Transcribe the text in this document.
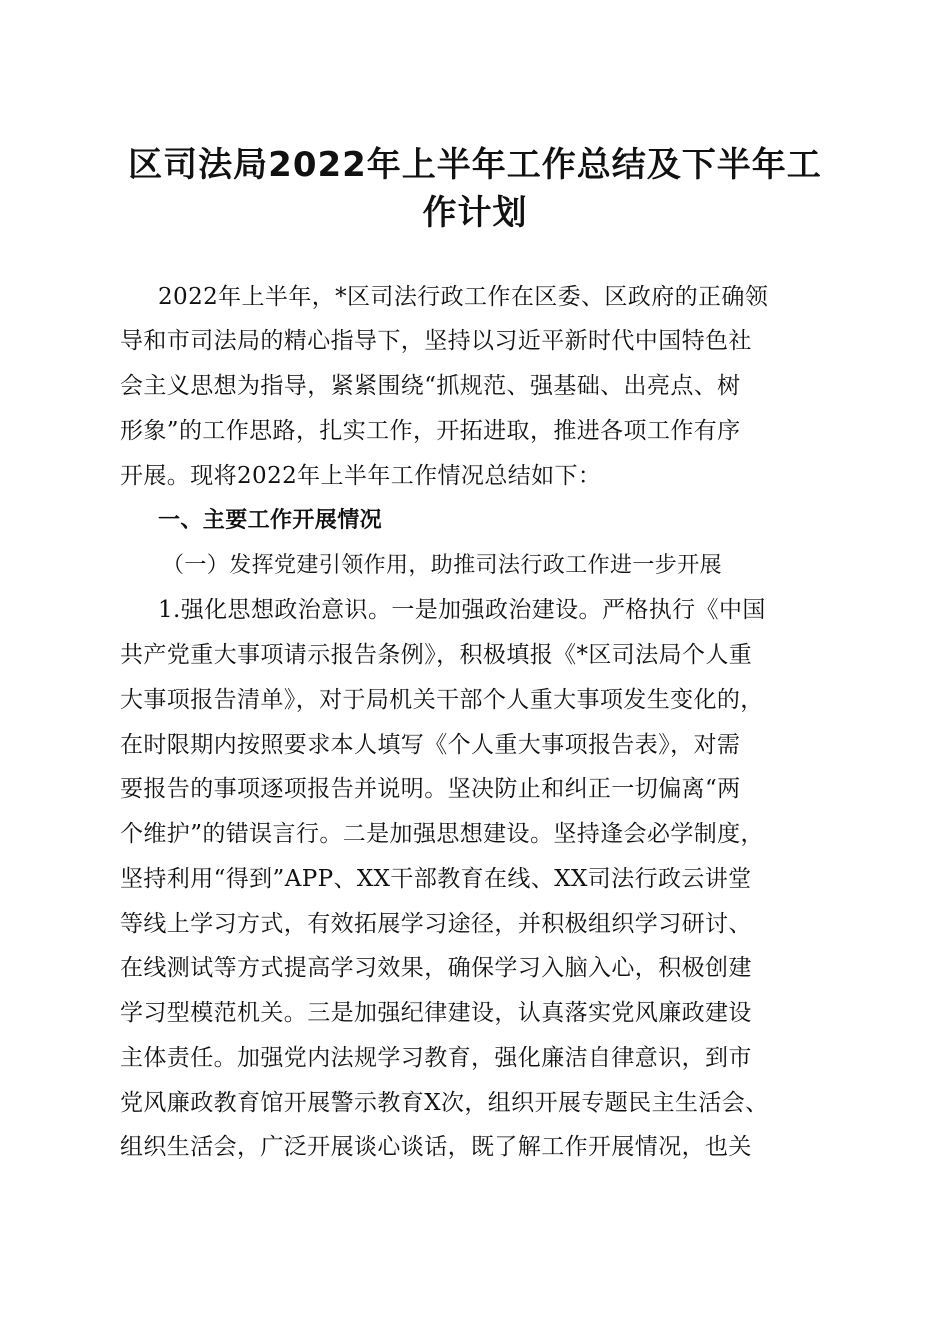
区司法局2022年上半年工作总结及下半年工
作计划
2022年上半年，*区司法行政工作在区委、区政府的正确领
导和市司法局的精心指导下，坚持以习近平新时代中国特色社
会主义思想为指导，紧紧围绕“抓规范、强基础、出亮点、树
形象”的工作思路，扎实工作，开拓进取，推进各项工作有序
开展。现将2022年上半年工作情况总结如下：
一、主要工作开展情况
（一）发挥党建引领作用，助推司法行政工作进一步开展
1.强化思想政治意识。一是加强政治建设。严格执行《中国
共产党重大事项请示报告条例》，积极填报《*区司法局个人重
大事项报告清单》，对于局机关干部个人重大事项发生变化的，
在时限期内按照要求本人填写《个人重大事项报告表》，对需
要报告的事项逐项报告并说明。坚决防止和纠正一切偏离“两
个维护”的错误言行。二是加强思想建设。坚持逢会必学制度，
坚持利用“得到”APP、XX干部教育在线、XX司法行政云讲堂
等线上学习方式，有效拓展学习途径，并积极组织学习研讨、
在线测试等方式提高学习效果，确保学习入脑入心，积极创建
学习型模范机关。三是加强纪律建设，认真落实党风廉政建设
主体责任。加强党内法规学习教育，强化廉洁自律意识，到市
党风廉政教育馆开展警示教育X次，组织开展专题民主生活会、
组织生活会，广泛开展谈心谈话，既了解工作开展情况，也关
